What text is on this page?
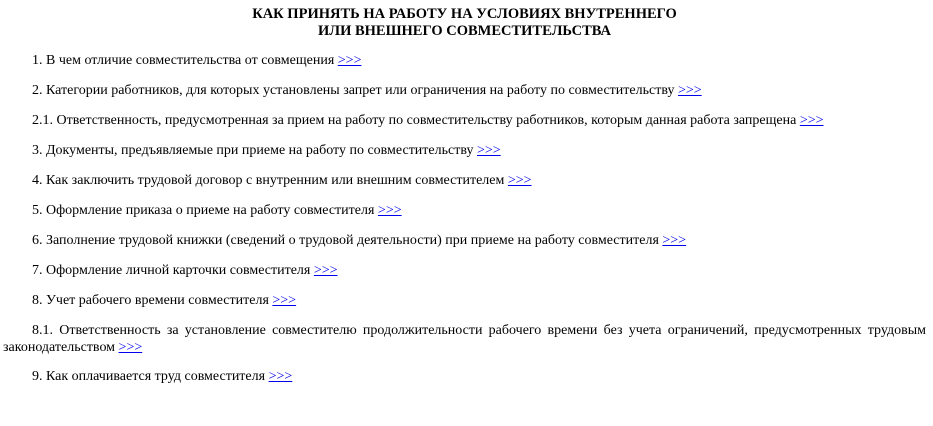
КАК ПРИНЯТЬ НА РАБОТУ НА УСЛОВИЯХ ВНУТРЕННЕГО
ИЛИ ВНЕШНЕГО СОВМЕСТИТЕЛЬСТВА

1. В чем отличие совместительства от совмещения >>>

2. Категории работников, для которых установлены запрет или ограничения на работу по совместительству >>>

2.1. Ответственность, предусмотренная за прием на работу по совместительству работников, которым данная работа запрещена >>>

3. Документы, предъявляемые при приеме на работу по совместительству >>>

4. Как заключить трудовой договор с внутренним или внешним совместителем >>>

5. Оформление приказа о приеме на работу совместителя >>>

6. Заполнение трудовой книжки (сведений о трудовой деятельности) при приеме на работу совместителя >>>

7. Оформление личной карточки совместителя >>>

8. Учет рабочего времени совместителя >>>

8.1. Ответственность за установление совместителю продолжительности рабочего времени без учета ограничений, предусмотренных трудовым законодательством >>>

9. Как оплачивается труд совместителя >>>
